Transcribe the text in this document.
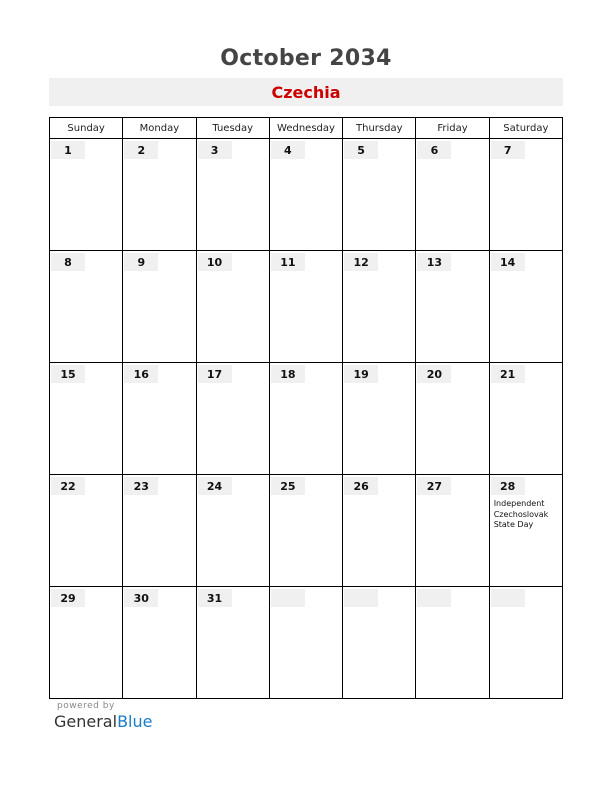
October 2034
Czechia
Sunday	Monday	Tuesday	Wednesday	Thursday	Friday	Saturday

1	2	3	4	5	6	7

8	9	10	11	12	13	14

15	16	17	18	19	20	21

22	23	24	25	26	27	28
Independent Czechoslovak State Day

29	30	31				

powered by
GeneralBlue
